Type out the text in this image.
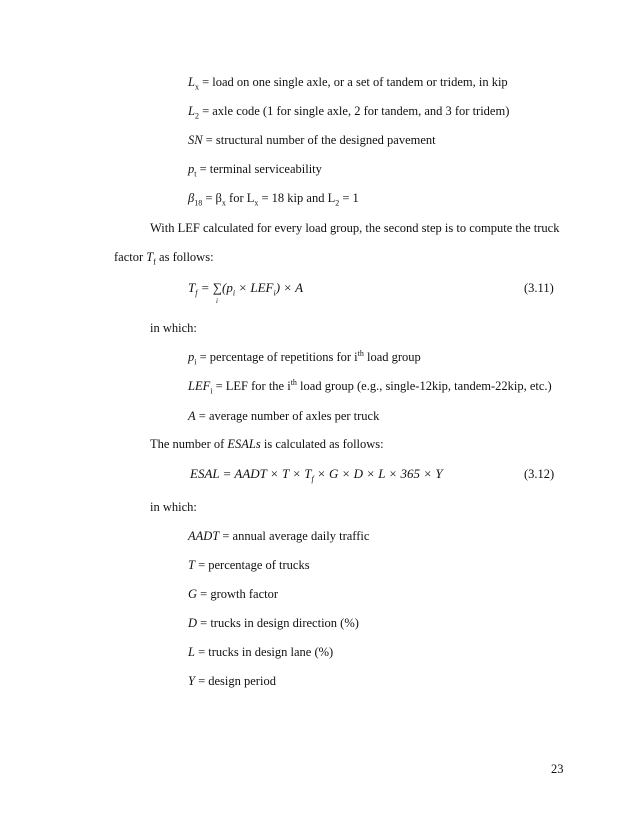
$L_x$ = load on one single axle, or a set of tandem or tridem, in kip
$L_2$ = axle code (1 for single axle, 2 for tandem, and 3 for tridem)
SN = structural number of the designed pavement
$p_t$ = terminal serviceability
$\beta_{18} = \beta_x$ for $L_x = 18$ kip and $L_2 = 1$
With LEF calculated for every load group, the second step is to compute the truck
factor $T_f$ as follows:
$T_f = \sum(p_i \times LEF_i) \times A$
i
(3.11)
in which:
$p_i$ = percentage of repetitions for $i^{th}$ load group
$LEF_i$ = LEF for the $i^{th}$ load group (e.g., single-12kip, tandem-22kip, etc.)
A = average number of axles per truck
The number of ESALs is calculated as follows:
ESAL = AADT × $T \times T_f \times G \times D \times L \times 365 \times Y$	(3.12)
in which:
AADT = annual average daily traffic
T = percentage of trucks
G = growth factor
D = trucks in design direction (%)
L = trucks in design lane (%)
Y = design period
23
